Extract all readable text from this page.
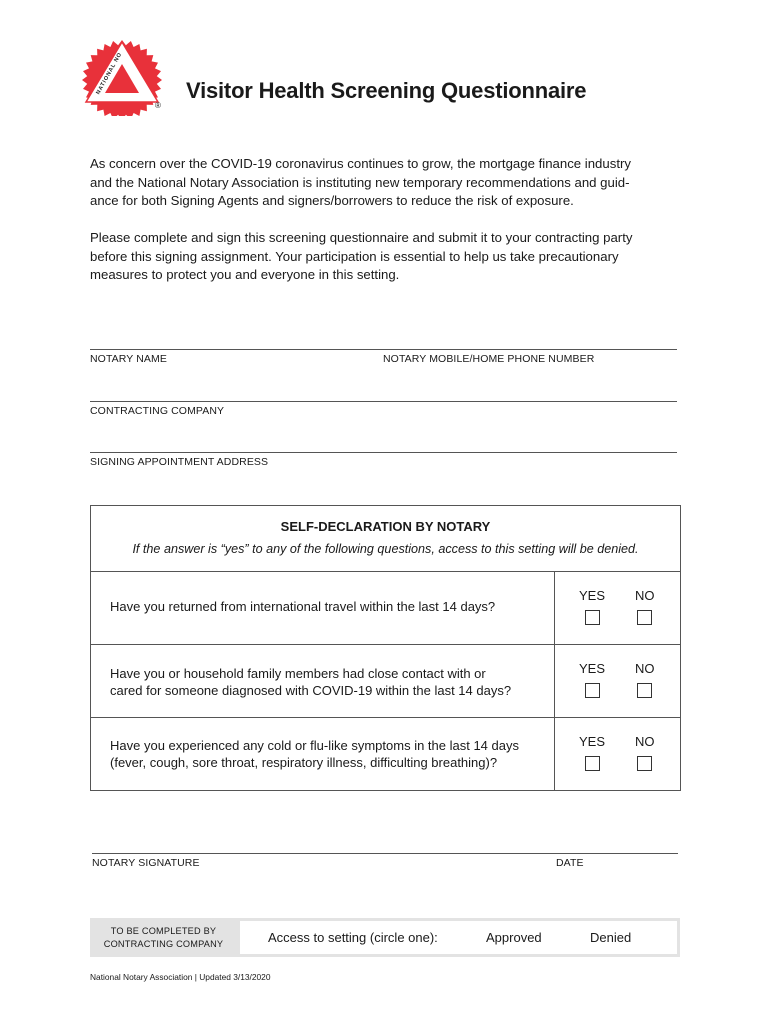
NATIONAL NO
®
Visitor Health Screening Questionnaire
As concern over the COVID-19 coronavirus continues to grow, the mortgage finance industry
and the National Notary Association is instituting new temporary recommendations and guid-
ance for both Signing Agents and signers/borrowers to reduce the risk of exposure.
Please complete and sign this screening questionnaire and submit it to your contracting party
before this signing assignment. Your participation is essential to help us take precautionary
measures to protect you and everyone in this setting.
NOTARY NAME	NOTARY MOBILE/HOME PHONE NUMBER
CONTRACTING COMPANY
SIGNING APPOINTMENT ADDRESS
SELF-DECLARATION BY NOTARY
If the answer is “yes” to any of the following questions, access to this setting will be denied.
Have you returned from international travel within the last 14 days?
YES NO
Have you or household family members had close contact with or
cared for someone diagnosed with COVID-19 within the last 14 days?
YES NO
Have you experienced any cold or flu-like symptoms in the last 14 days
(fever, cough, sore throat, respiratory illness, difficulting breathing)?
YES NO
NOTARY SIGNATURE	DATE
TO BE COMPLETED BY
CONTRACTING COMPANY	Access to setting (circle one):	Approved	Denied
National Notary Association | Updated 3/13/2020
